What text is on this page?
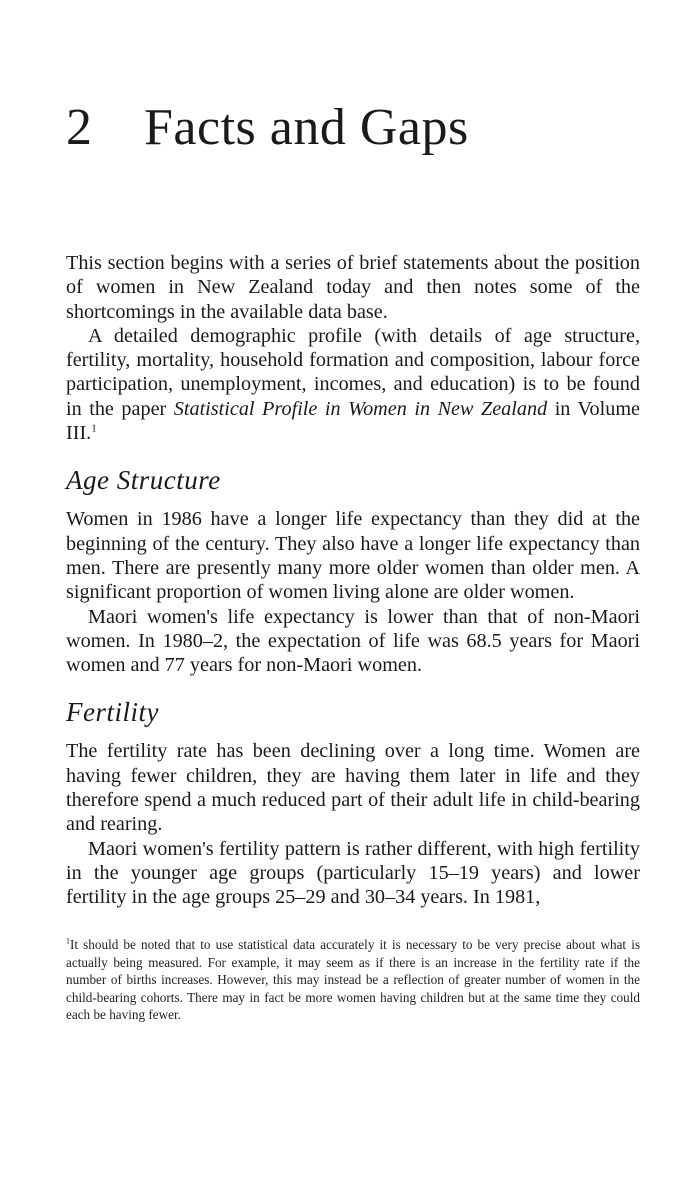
2 Facts and Gaps

This section begins with a series of brief statements about the position of women in New Zealand today and then notes some of the shortcomings in the available data base.

A detailed demographic profile (with details of age structure, fertility, mortality, household formation and composition, labour force participation, unemployment, incomes, and education) is to be found in the paper Statistical Profile in Women in New Zealand in Volume III.$^1$

Age Structure

Women in 1986 have a longer life expectancy than they did at the beginning of the century. They also have a longer life expectancy than men. There are presently many more older women than older men. A significant proportion of women living alone are older women.

Maori women's life expectancy is lower than that of non-Maori women. In 1980–2, the expectation of life was 68.5 years for Maori women and 77 years for non-Maori women.

Fertility

The fertility rate has been declining over a long time. Women are having fewer children, they are having them later in life and they therefore spend a much reduced part of their adult life in child-bearing and rearing.

Maori women's fertility pattern is rather different, with high fertility in the younger age groups (particularly 15–19 years) and lower fertility in the age groups 25–29 and 30–34 years. In 1981,

$^1$It should be noted that to use statistical data accurately it is necessary to be very precise about what is actually being measured. For example, it may seem as if there is an increase in the fertility rate if the number of births increases. However, this may instead be a reflection of greater number of women in the child-bearing cohorts. There may in fact be more women having children but at the same time they could each be having fewer.
